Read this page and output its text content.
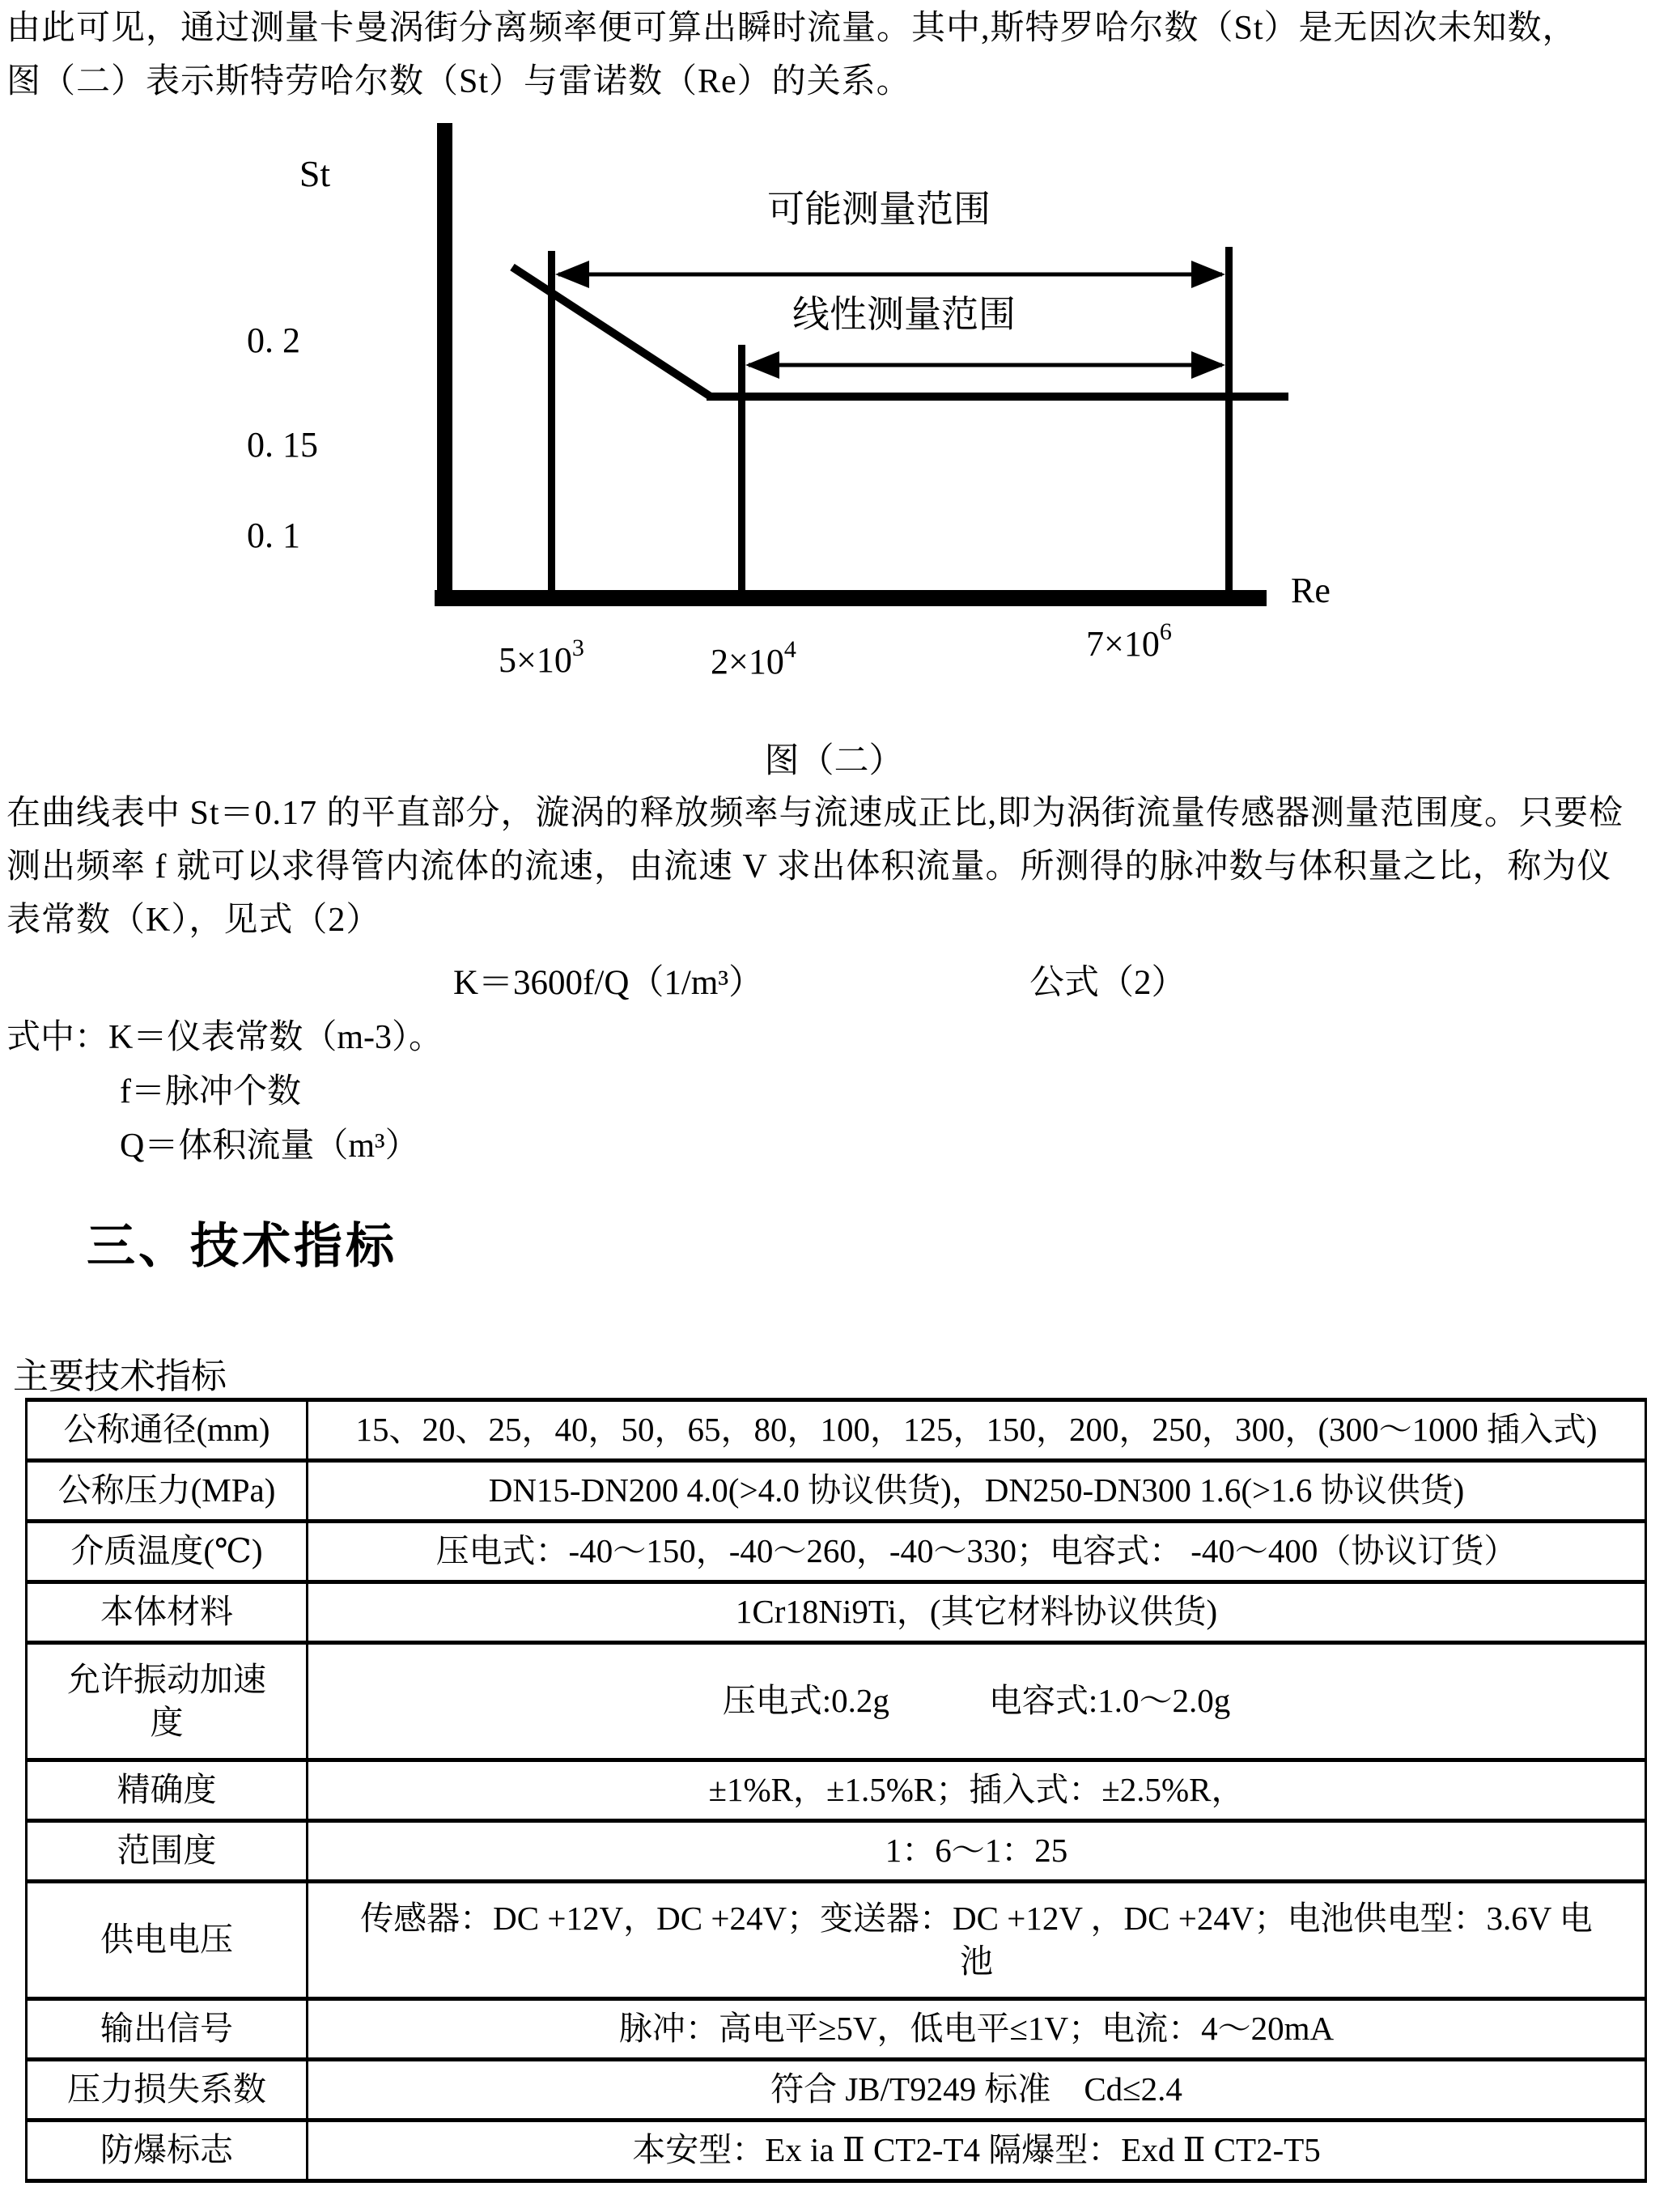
由此可见，通过测量卡曼涡街分离频率便可算出瞬时流量。其中,斯特罗哈尔数（St）是无因次未知数，
图（二）表示斯特劳哈尔数（St）与雷诺数（Re）的关系。
St
Re
0. 2
0. 15
0. 1
$5\times 10^3$	$2\times 10^4$	$7\times 10^6$
可能测量范围
线性测量范围
图（二）
在曲线表中 St＝0.17 的平直部分，漩涡的释放频率与流速成正比,即为涡街流量传感器测量范围度。只要检
测出频率 f 就可以求得管内流体的流速，由流速 V 求出体积流量。所测得的脉冲数与体积量之比，称为仪
表常数（K），见式（2）
K＝3600f/Q（1/m³）	公式（2）
式中：K＝仪表常数（m-3）。
f＝脉冲个数
Q＝体积流量（m³）
三、技术指标
主要技术指标
公称通径(mm)	15、20、25，40，50，65，80，100，125，150，200，250，300，(300～1000 插入式)
公称压力(MPa)	DN15-DN200 4.0(>4.0 协议供货)，DN250-DN300 1.6(>1.6 协议供货)
介质温度(℃)	压电式：-40～150，-40～260，-40～330；电容式： -40～400（协议订货）
本体材料	1Cr18Ni9Ti，(其它材料协议供货)

允许振动加速
度	压电式:0.2g　　　电容式:1.0～2.0g
精确度	±1%R，±1.5%R；插入式：±2.5%R，
范围度	1：6～1：25
供电电压	传感器：DC +12V，DC +24V；变送器：DC +12V ，DC +24V；电池供电型：3.6V 电
池

输出信号	脉冲：高电平≥5V，低电平≤1V；电流：4～20mA
压力损失系数	符合 JB/T9249 标准　Cd≤2.4
防爆标志	本安型：Ex ia Ⅱ CT2-T4 隔爆型：Exd Ⅱ CT2-T5
